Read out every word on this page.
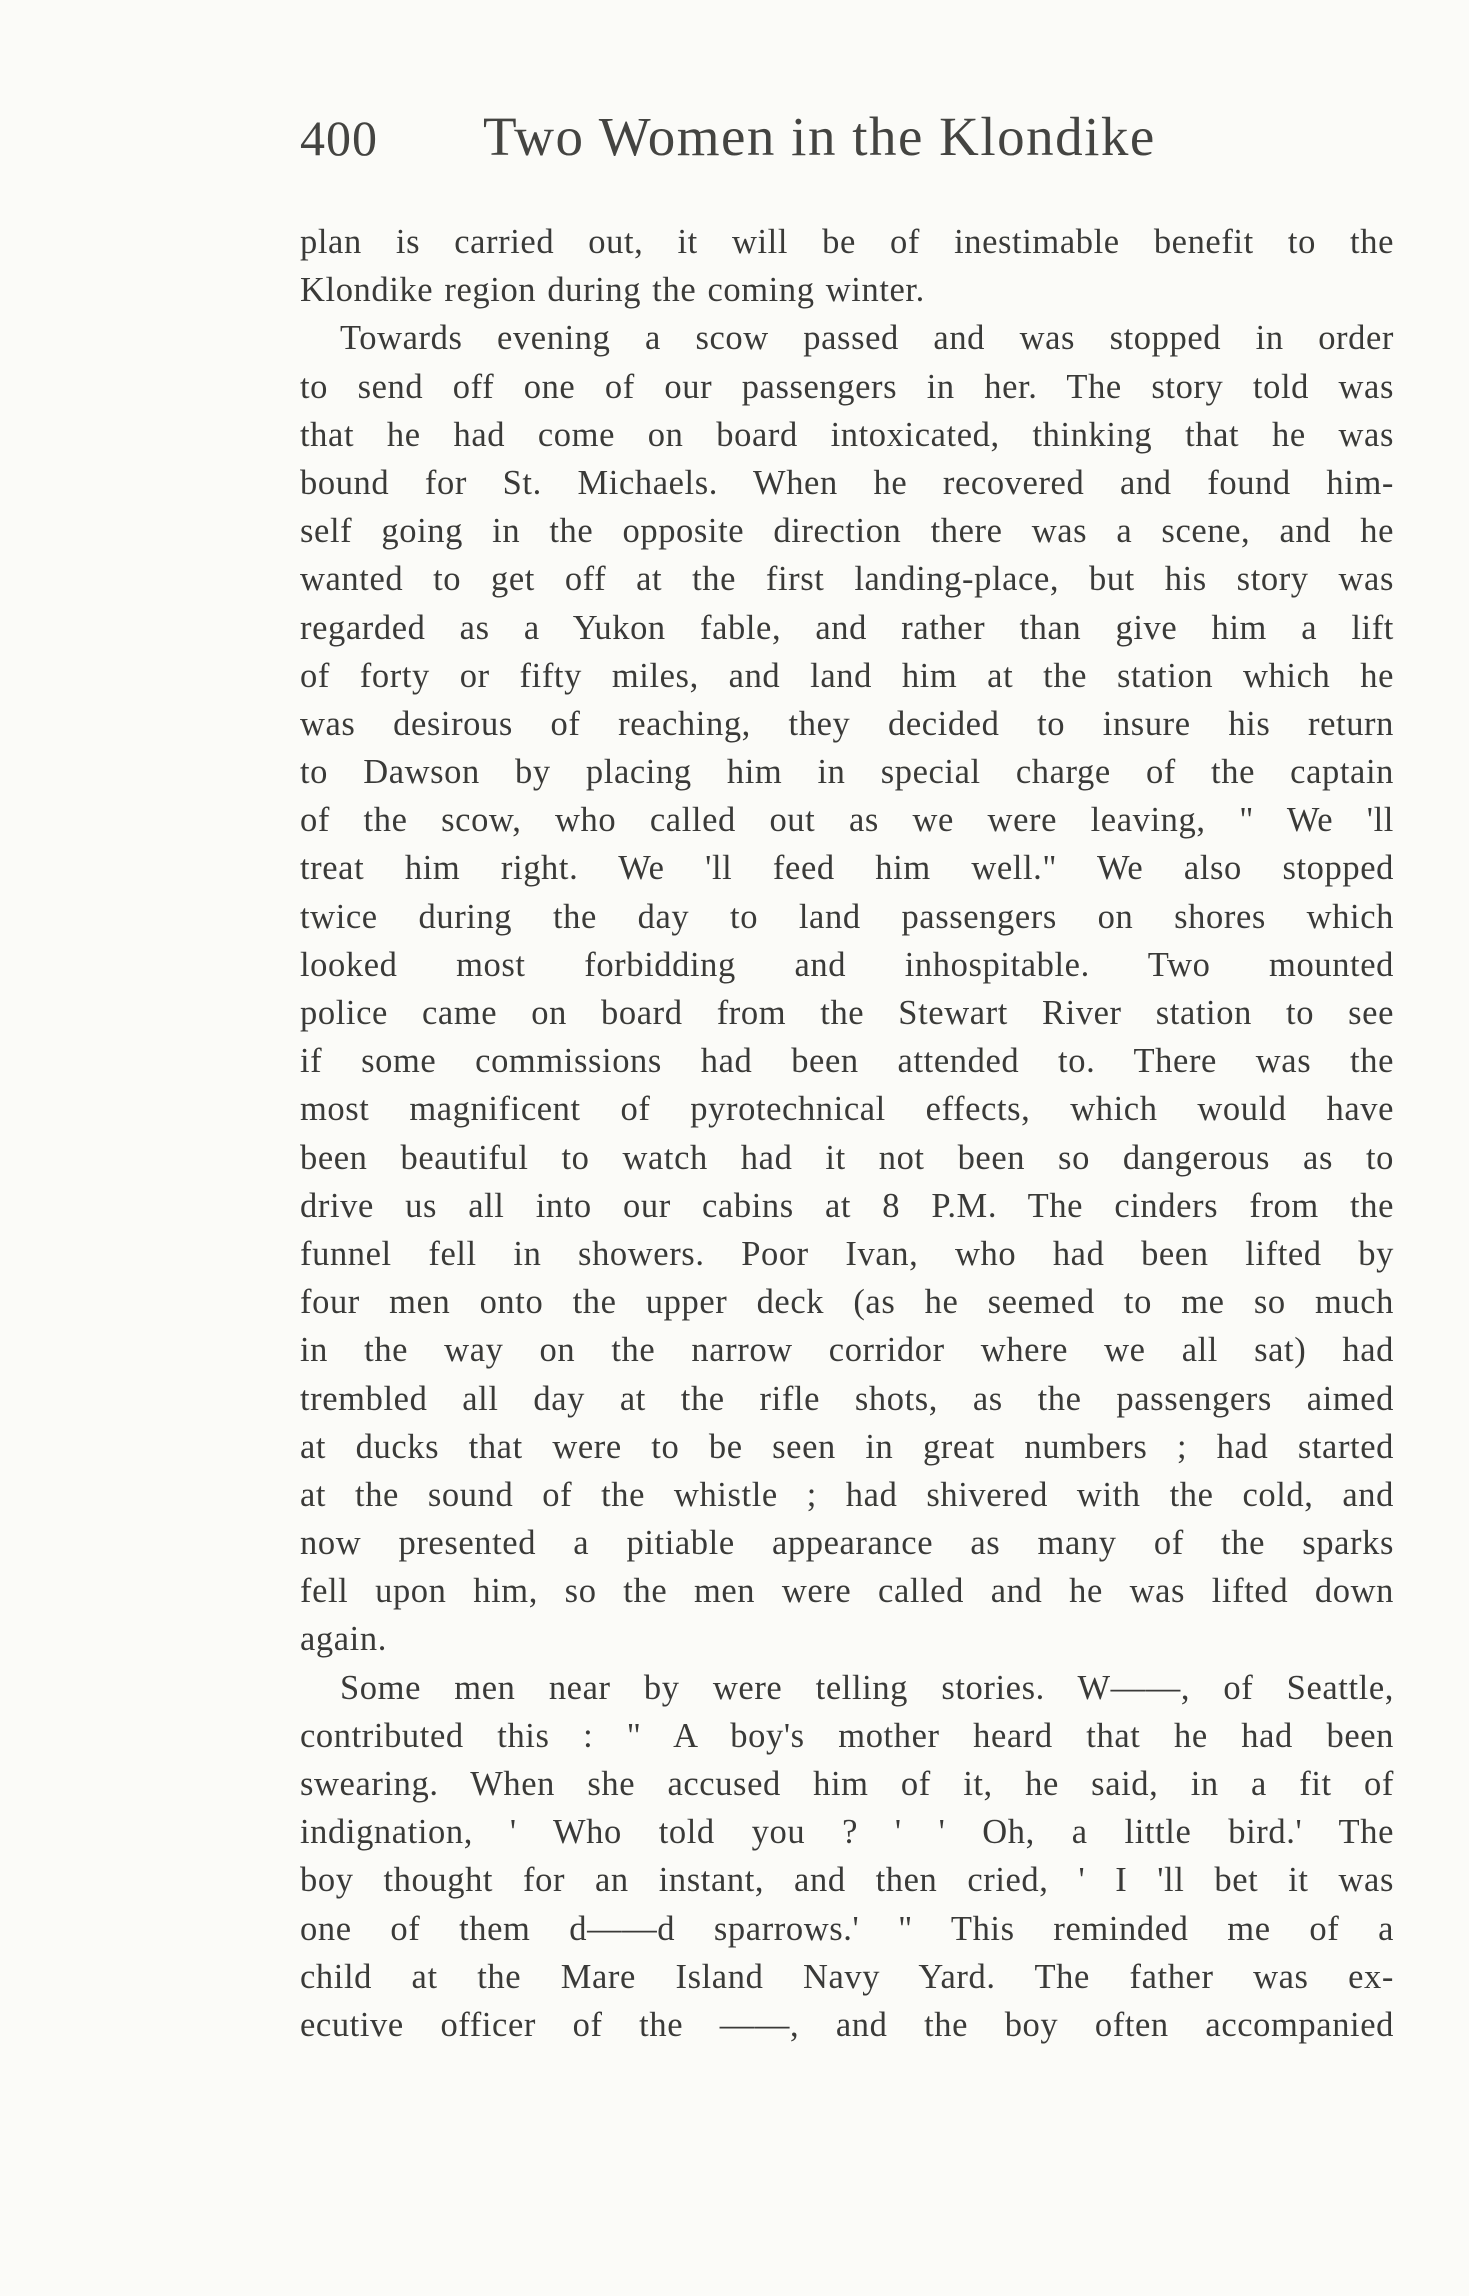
400 Two Women in the Klondike
plan is carried out, it will be of inestimable benefit to the
Klondike region during the coming winter.
Towards evening a scow passed and was stopped in order
to send off one of our passengers in her. The story told was
that he had come on board intoxicated, thinking that he was
bound for St. Michaels. When he recovered and found him-
self going in the opposite direction there was a scene, and he
wanted to get off at the first landing-place, but his story was
regarded as a Yukon fable, and rather than give him a lift
of forty or fifty miles, and land him at the station which he
was desirous of reaching, they decided to insure his return
to Dawson by placing him in special charge of the captain
of the scow, who called out as we were leaving, " We 'll
treat him right. We 'll feed him well." We also stopped
twice during the day to land passengers on shores which
looked most forbidding and inhospitable. Two mounted
police came on board from the Stewart River station to see
if some commissions had been attended to. There was the
most magnificent of pyrotechnical effects, which would have
been beautiful to watch had it not been so dangerous as to
drive us all into our cabins at 8 P.M. The cinders from the
funnel fell in showers. Poor Ivan, who had been lifted by
four men onto the upper deck (as he seemed to me so much
in the way on the narrow corridor where we all sat) had
trembled all day at the rifle shots, as the passengers aimed
at ducks that were to be seen in great numbers ; had started
at the sound of the whistle ; had shivered with the cold, and
now presented a pitiable appearance as many of the sparks
fell upon him, so the men were called and he was lifted down
again.
Some men near by were telling stories. W——, of Seattle,
contributed this : " A boy's mother heard that he had been
swearing. When she accused him of it, he said, in a fit of
indignation, ' Who told you ? ' ' Oh, a little bird.' The
boy thought for an instant, and then cried, ' I 'll bet it was
one of them d——d sparrows.' " This reminded me of a
child at the Mare Island Navy Yard. The father was ex-
ecutive officer of the ——, and the boy often accompanied
